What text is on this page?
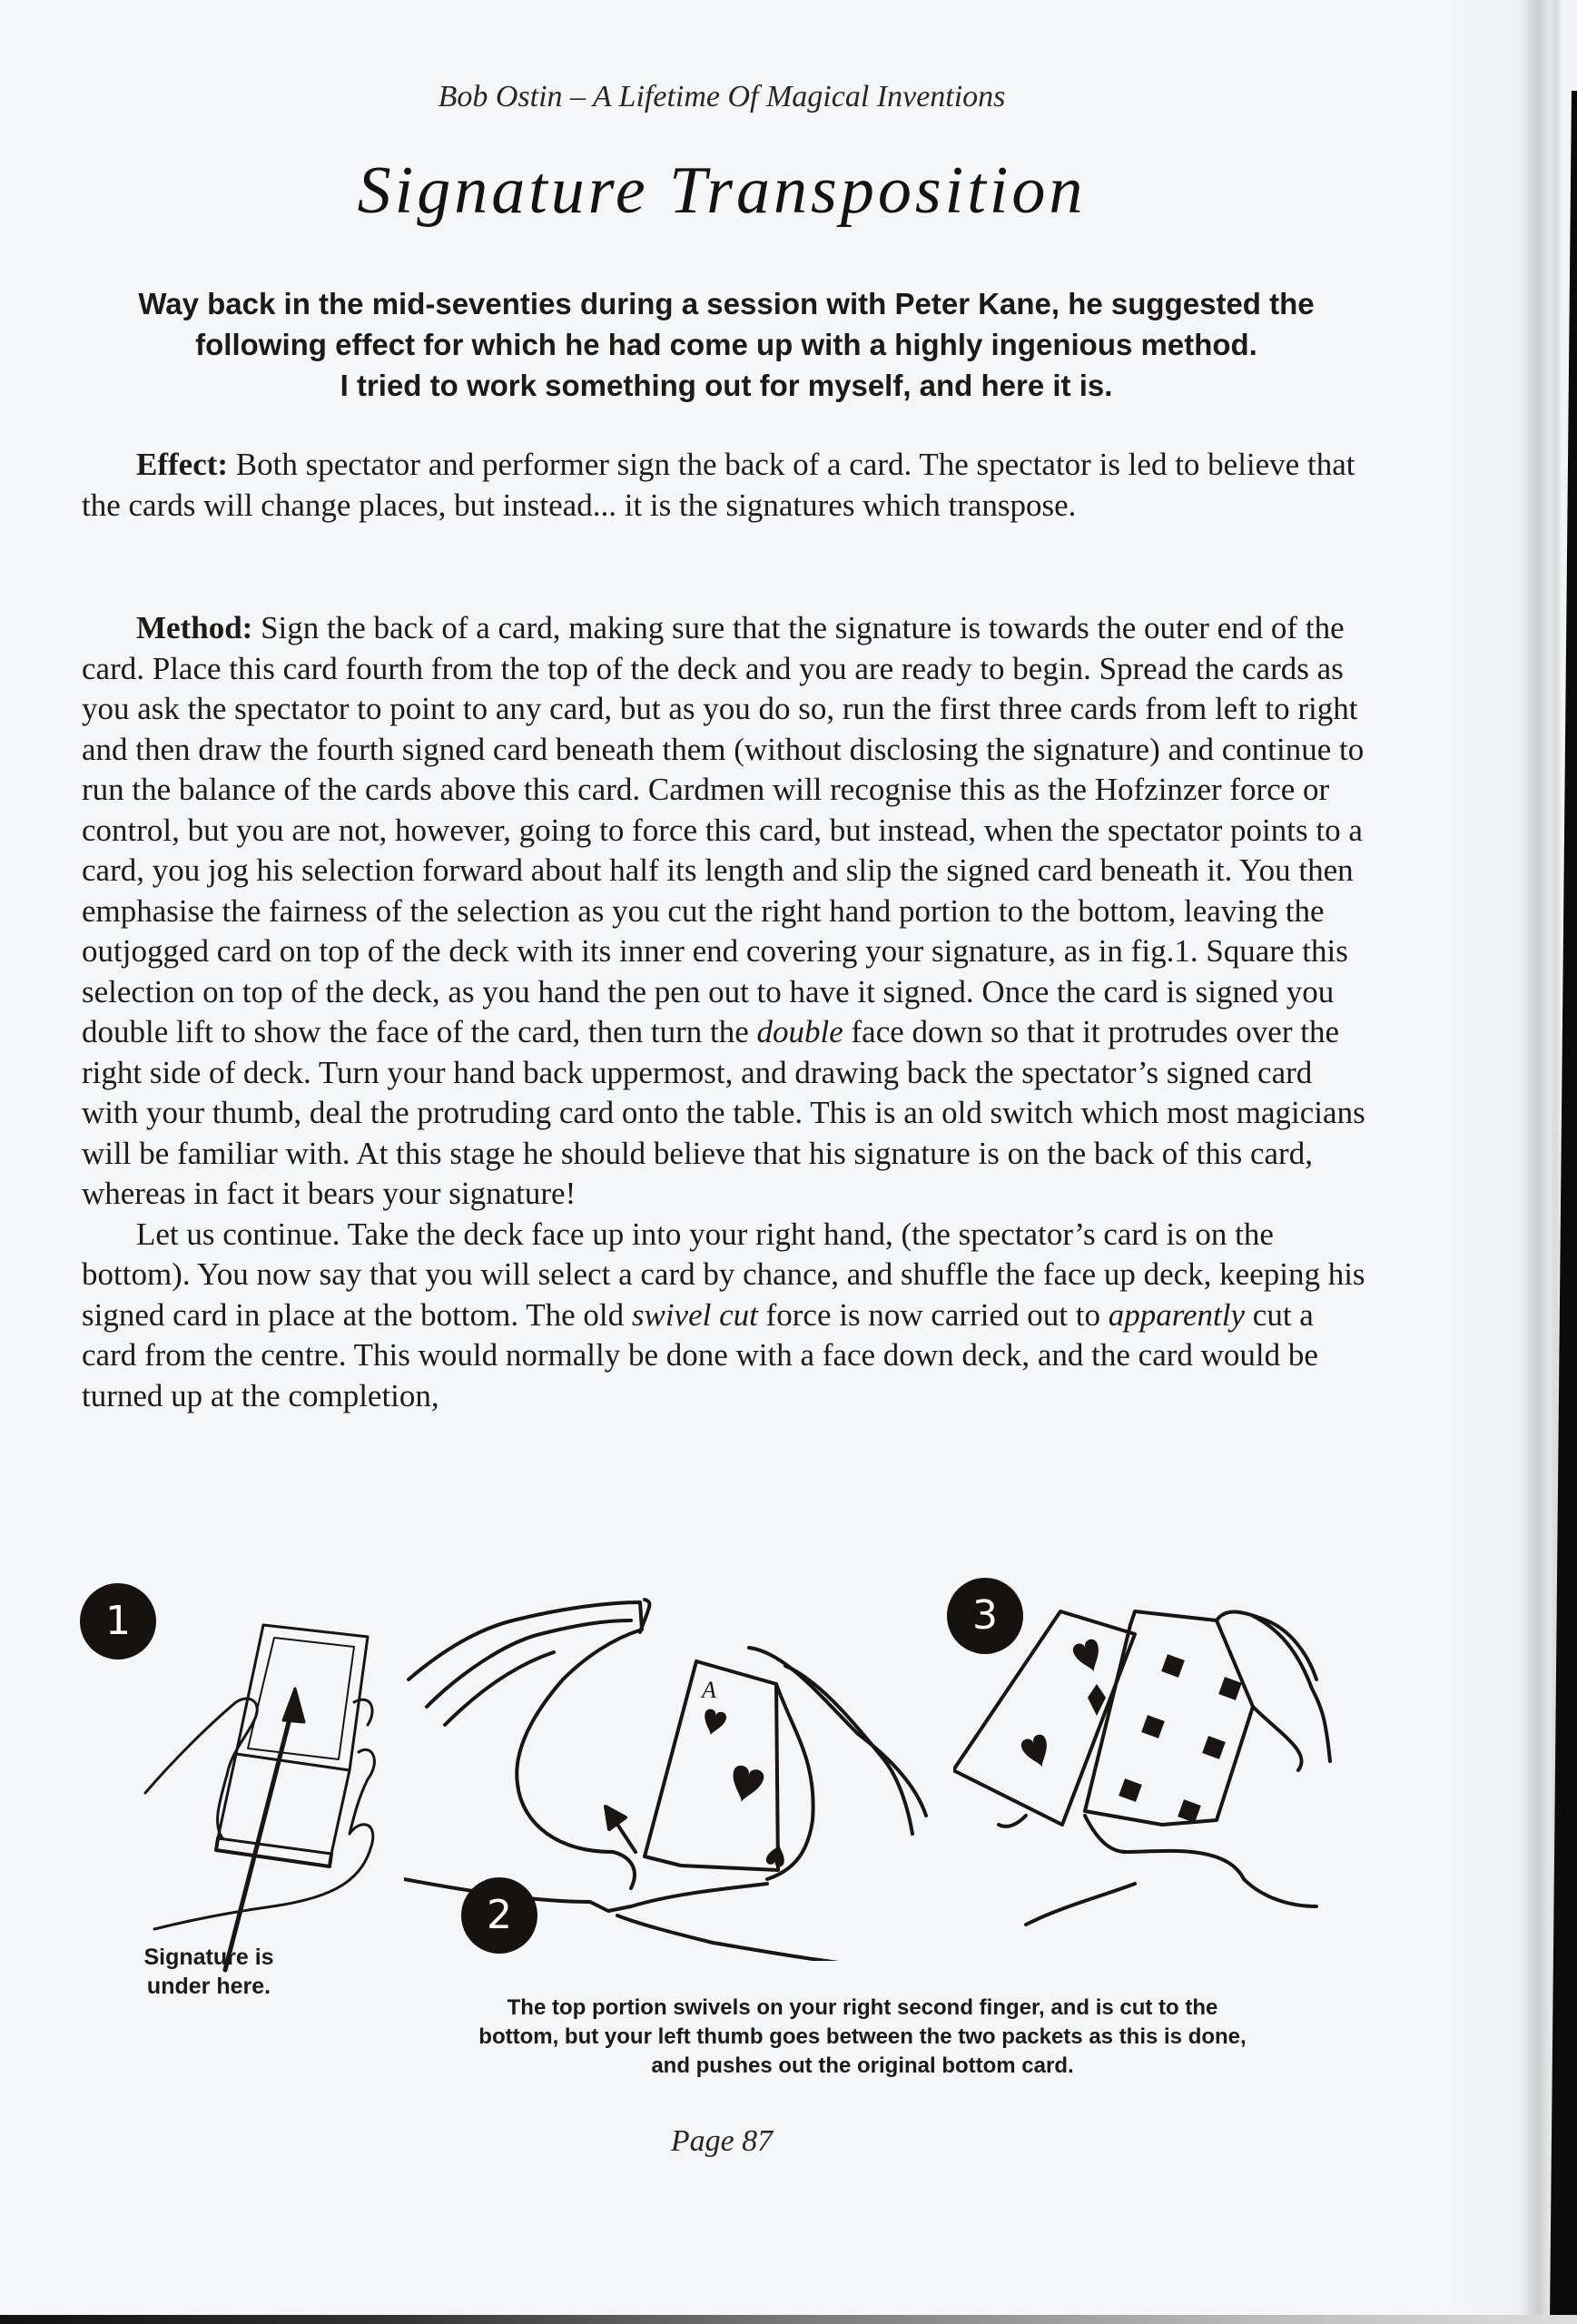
Bob Ostin – A Lifetime Of Magical Inventions
Signature Transposition
Way back in the mid-seventies during a session with Peter Kane, he suggested the
following effect for which he had come up with a highly ingenious method.
I tried to work something out for myself, and here it is.

Effect: Both spectator and performer sign the back of a card. The spectator is led to believe that the cards will change places, but instead... it is the signatures which transpose.

Method: Sign the back of a card, making sure that the signature is towards the outer end of the card. Place this card fourth from the top of the deck and you are ready to begin. Spread the cards as you ask the spectator to point to any card, but as you do so, run the first three cards from left to right and then draw the fourth signed card beneath them (without disclosing the signature) and continue to run the balance of the cards above this card. Cardmen will recognise this as the Hofzinzer force or control, but you are not, however, going to force this card, but instead, when the spectator points to a card, you jog his selection forward about half its length and slip the signed card beneath it. You then emphasise the fairness of the selection as you cut the right hand portion to the bottom, leaving the outjogged card on top of the deck with its inner end covering your signature, as in fig.1. Square this selection on top of the deck, as you hand the pen out to have it signed. Once the card is signed you double lift to show the face of the card, then turn the double face down so that it protrudes over the right side of deck. Turn your hand back uppermost, and drawing back the spectator’s signed card with your thumb, deal the protruding card onto the table. This is an old switch which most magicians will be familiar with. At this stage he should believe that his signature is on the back of this card, whereas in fact it bears your signature!

Let us continue. Take the deck face up into your right hand, (the spectator’s card is on the bottom). You now say that you will select a card by chance, and shuffle the face up deck, keeping his signed card in place at the bottom. The old swivel cut force is now carried out to apparently cut a card from the centre. This would normally be done with a face down deck, and the card would be turned up at the completion,

1
Signature is
under here.
A
2
3
The top portion swivels on your right second finger, and is cut to the
bottom, but your left thumb goes between the two packets as this is done,
and pushes out the original bottom card.
Page 87
